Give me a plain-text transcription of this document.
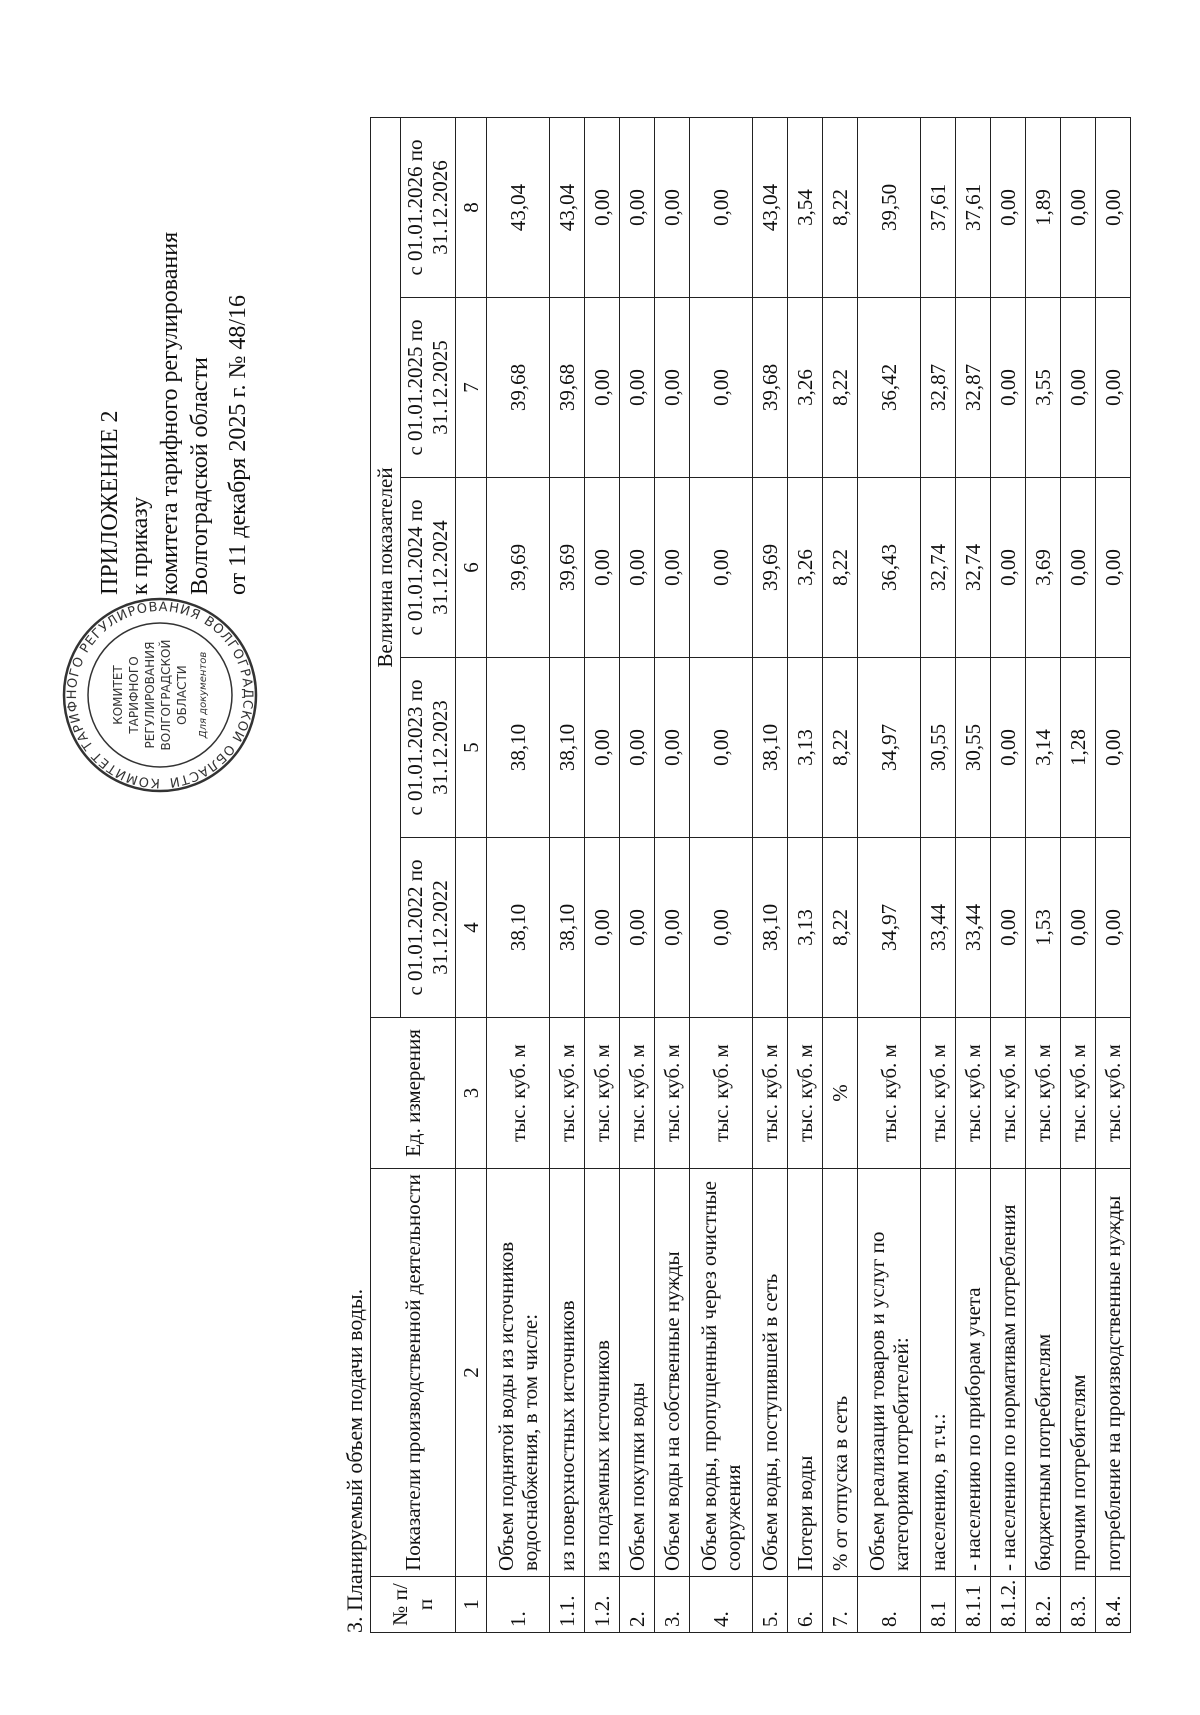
ПРИЛОЖЕНИЕ 2 к приказу комитета тарифного регулирования Волгоградской области от 11 декабря 2025 г. № 48/16
КОМИТЕТ ТАРИФНОГО РЕГУЛИРОВАНИЯ ВОЛГОГРАДСКОЙ ОБЛАСТИ
КОМИТЕТ ТАРИФНОГО РЕГУЛИРОВАНИЯ ВОЛГОГРАДСКОЙ ОБЛАСТИ Для документов
3. Планируемый объем подачи воды. № п/п	Показатели производственной деятельности	Ед. измерения	Величина показателей				
			с 01.01.2022 по 31.12.2022	с 01.01.2023 по 31.12.2023	с 01.01.2024 по 31.12.2024	с 01.01.2025 по 31.12.2025	с 01.01.2026 по 31.12.2026
1	2	3	4	5	6	7	8
1.	Объем поднятой воды из источников водоснабжения, в том числе:	тыс. куб. м	38,10	38,10	39,69	39,68	43,04
1.1.	из поверхностных источников	тыс. куб. м	38,10	38,10	39,69	39,68	43,04
1.2.	из подземных источников	тыс. куб. м	0,00	0,00	0,00	0,00	0,00
2.	Объем покупки воды	тыс. куб. м	0,00	0,00	0,00	0,00	0,00
3.	Объем воды на собственные нужды	тыс. куб. м	0,00	0,00	0,00	0,00	0,00
4.	Объем воды, пропущенный через очистные сооружения	тыс. куб. м	0,00	0,00	0,00	0,00	0,00
5.	Объем воды, поступившей в сеть	тыс. куб. м	38,10	38,10	39,69	39,68	43,04
6.	Потери воды	тыс. куб. м	3,13	3,13	3,26	3,26	3,54
7.	% от отпуска в сеть	%	8,22	8,22	8,22	8,22	8,22
8.	Объем реализации товаров и услуг по категориям потребителей:	тыс. куб. м	34,97	34,97	36,43	36,42	39,50
8.1	населению, в т.ч.:	тыс. куб. м	33,44	30,55	32,74	32,87	37,61
8.1.1	- населению по приборам учета	тыс. куб. м	33,44	30,55	32,74	32,87	37,61
8.1.2.	- населению по нормативам потребления	тыс. куб. м	0,00	0,00	0,00	0,00	0,00
8.2.	бюджетным потребителям	тыс. куб. м	1,53	3,14	3,69	3,55	1,89
8.3.	прочим потребителям	тыс. куб. м	0,00	1,28	0,00	0,00	0,00
8.4.	потребление на производственные нужды	тыс. куб. м	0,00	0,00	0,00	0,00	0,00
